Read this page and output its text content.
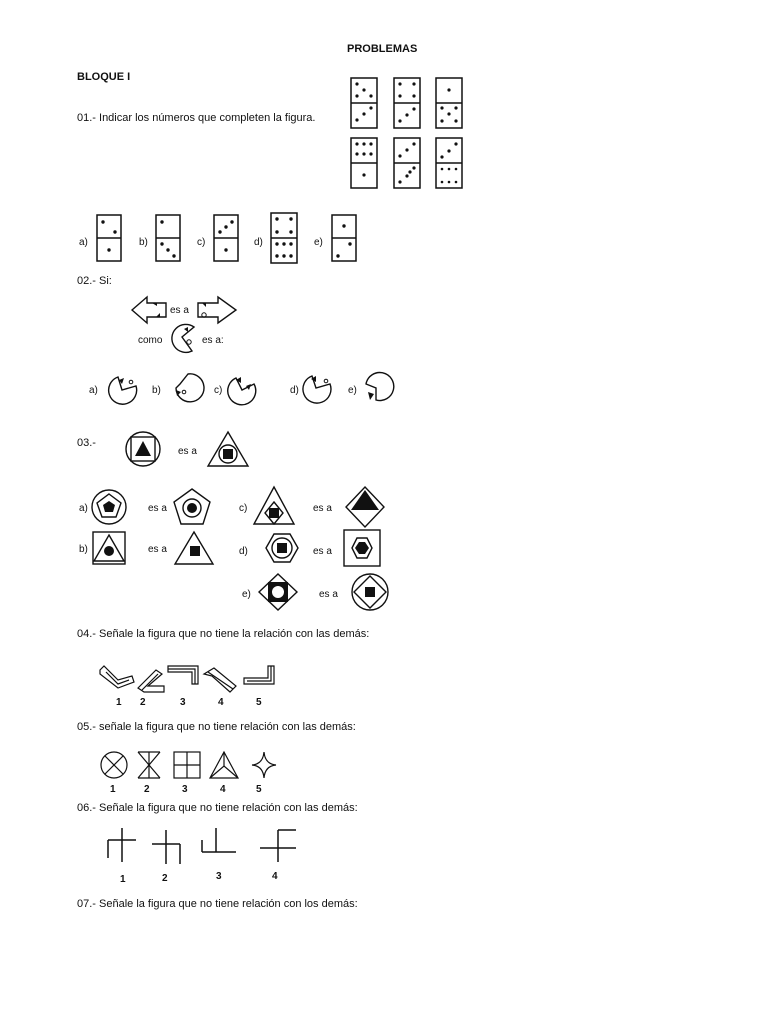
PROBLEMAS
BLOQUE I
01.- Indicar los números que completen la figura.
a)	b)	c)	d)	e)
02.- Si:
es a
como	es a:
a)	b)	c)	d)	e)
03.-
es a
a)	es a	c)	es a
b)	es a	d)	es a
e)	es a
04.- Señale la figura que no tiene la relación con las demás:
1 2	3	4	5
05.- señale la figura que no tiene relación con las demás:
1	2	3	4	5
06.- Señale la figura que no tiene relación con las demás:
1	2	3	4
07.- Señale la figura que no tiene relación con los demás:
